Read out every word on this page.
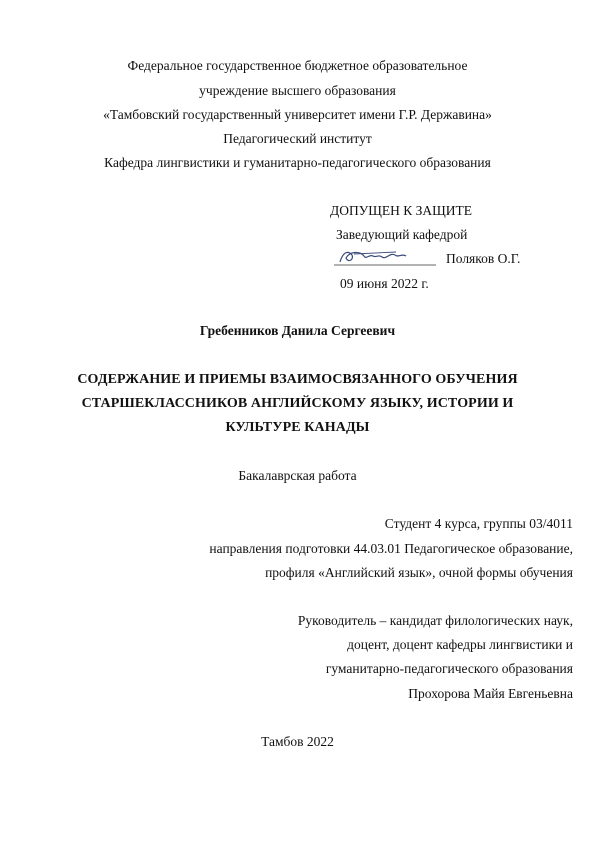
Федеральное государственное бюджетное образовательное
учреждение высшего образования
«Тамбовский государственный университет имени Г.Р. Державина»
Педагогический институт
Кафедра лингвистики и гуманитарно-педагогического образования
ДОПУЩЕН К ЗАЩИТЕ
Заведующий кафедрой
Поляков О.Г.
09 июня 2022 г.
Гребенников Данила Сергеевич
СОДЕРЖАНИЕ И ПРИЕМЫ ВЗАИМОСВЯЗАННОГО ОБУЧЕНИЯ
СТАРШЕКЛАССНИКОВ АНГЛИЙСКОМУ ЯЗЫКУ, ИСТОРИИ И
КУЛЬТУРЕ КАНАДЫ
Бакалаврская работа
Студент 4 курса, группы 03/4011
направления подготовки 44.03.01 Педагогическое образование,
профиля «Английский язык», очной формы обучения
Руководитель – кандидат филологических наук,
доцент, доцент кафедры лингвистики и
гуманитарно-педагогического образования
Прохорова Майя Евгеньевна
Тамбов 2022
